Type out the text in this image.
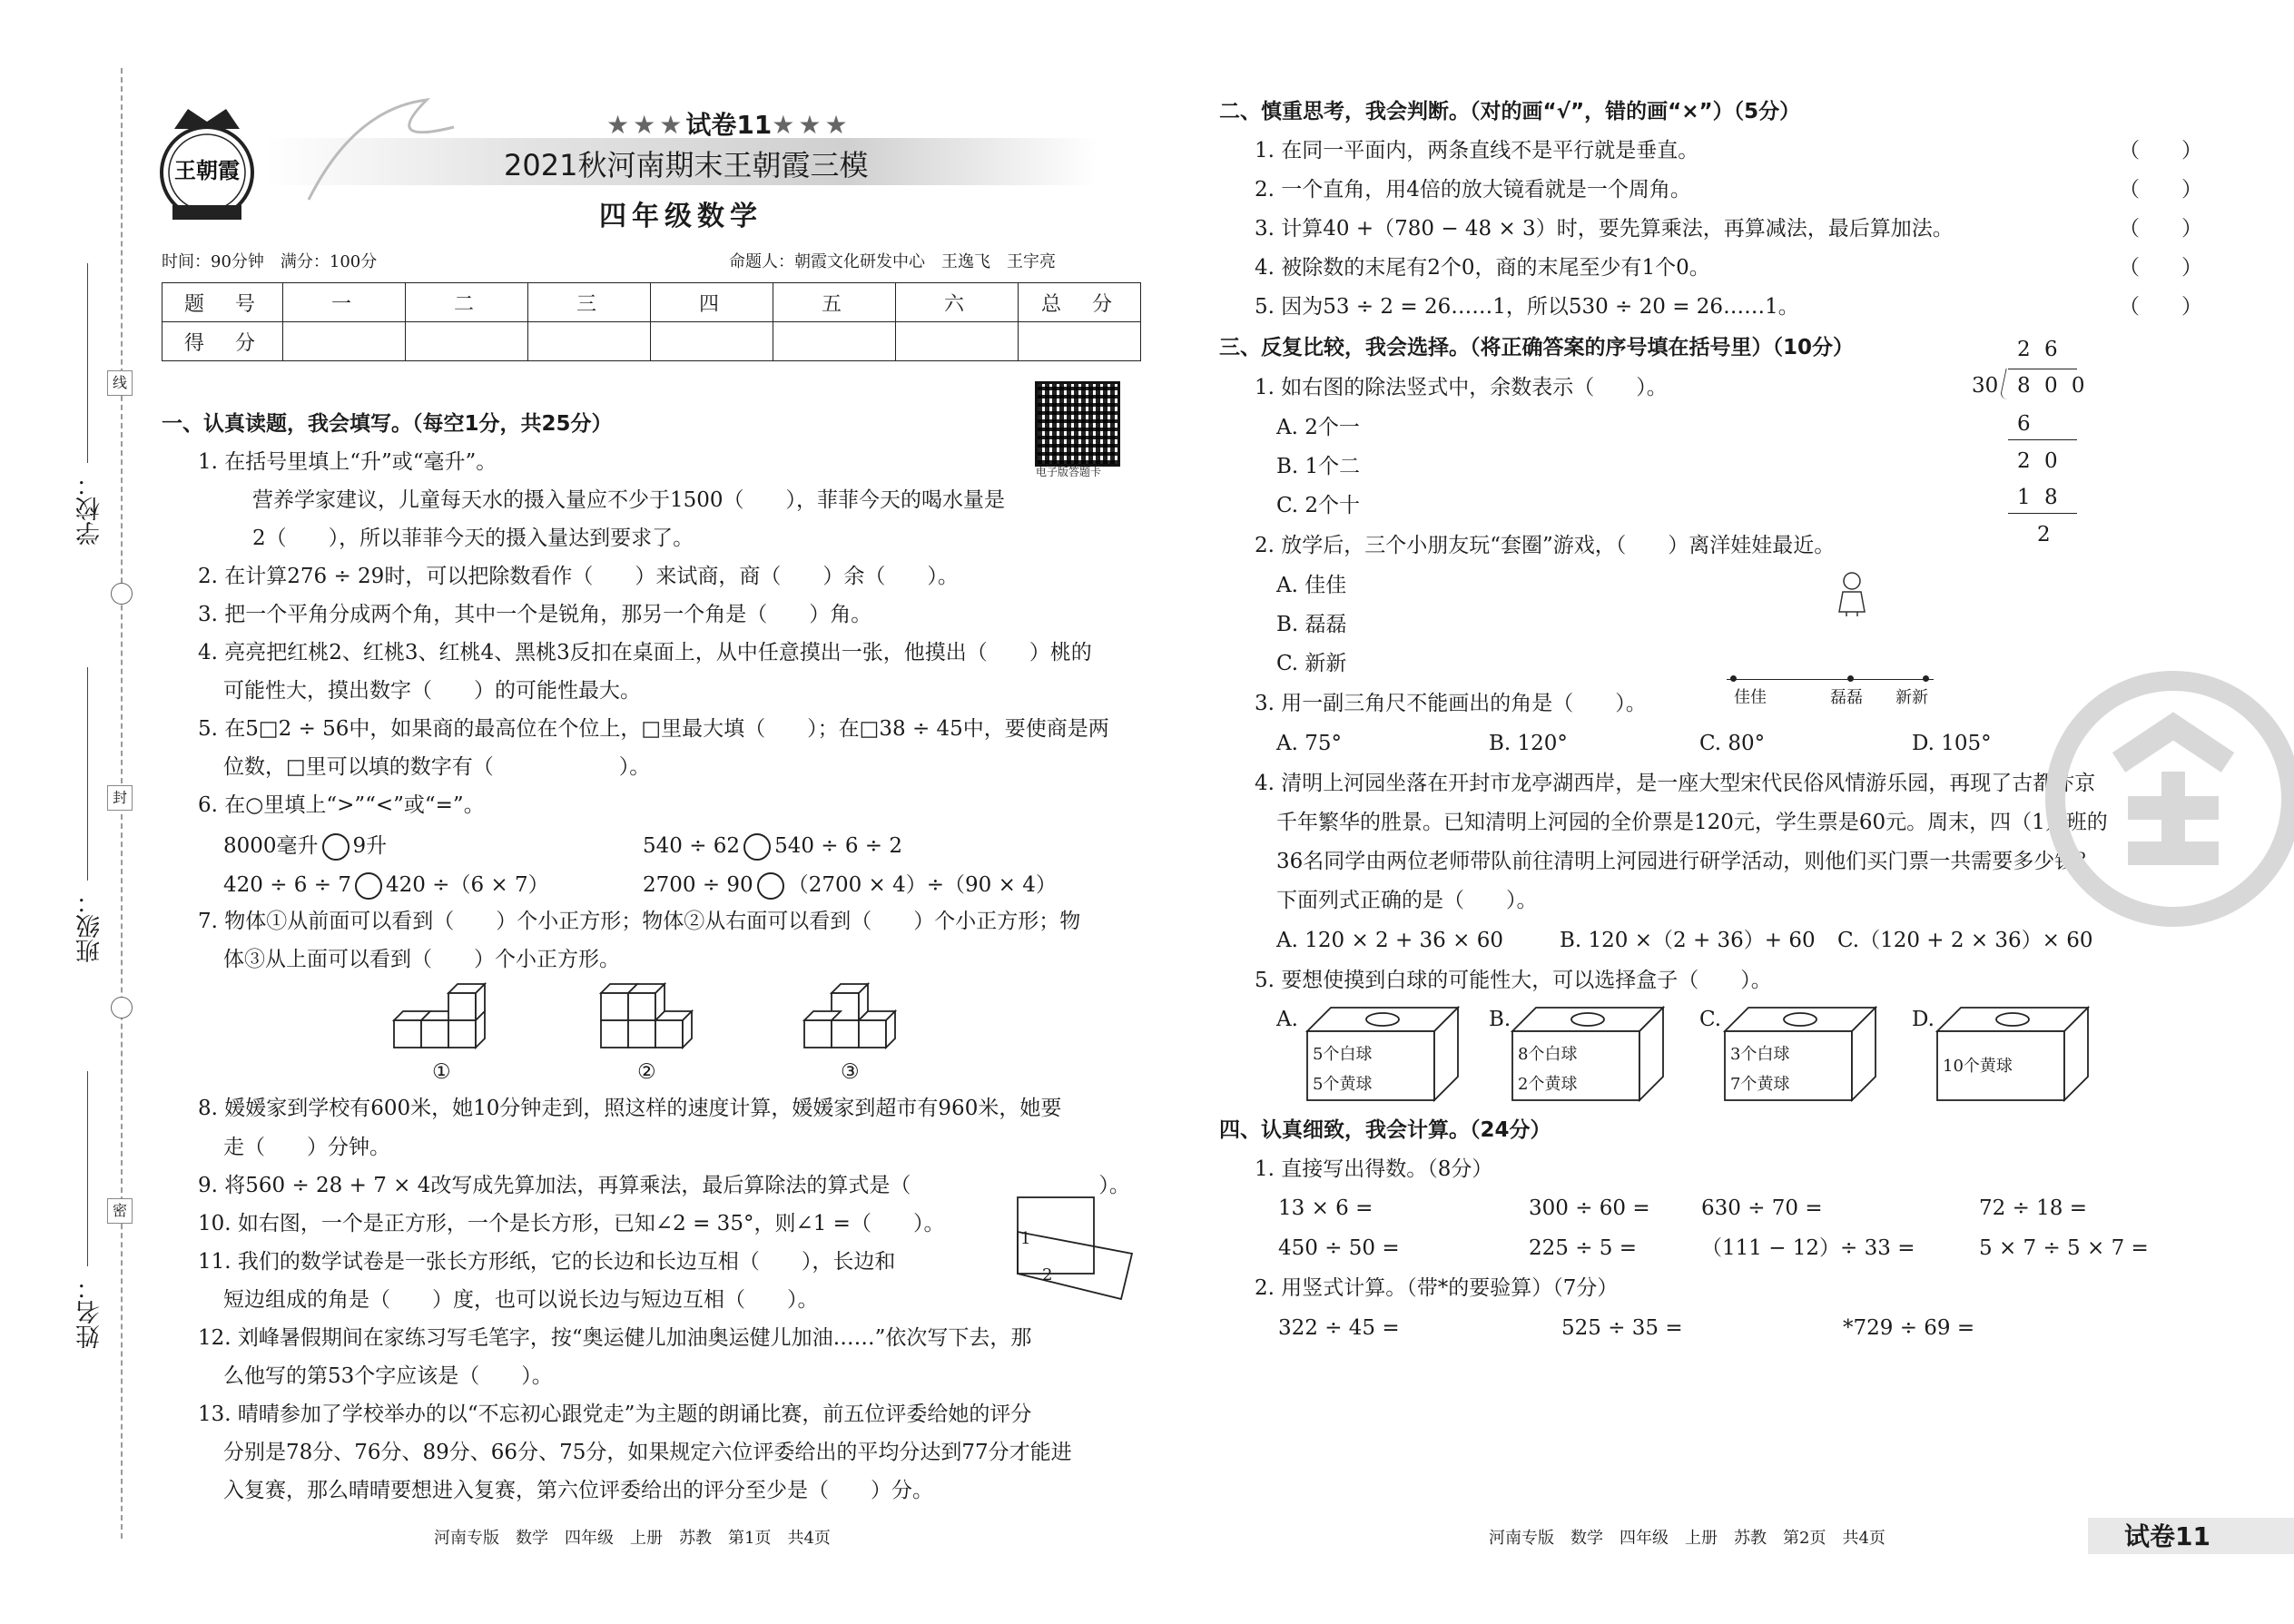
线
封
密
学校：
班级：
姓名：
王朝霞
★★★试卷11★★★
2021秋河南期末王朝霞三模
四年级数学
时间：90分钟　满分：100分	命题人：朝霞文化研发中心　王逸飞　王宇亮
题　号	一	二	三	四	五	六	总　分
得　分							
电子版答题卡
一、认真读题，我会填写。（每空1分，共25分）
1. 在括号里填上“升”或“毫升”。
营养学家建议，儿童每天水的摄入量应不少于1500（　　），菲菲今天的喝水量是
2（　　），所以菲菲今天的摄入量达到要求了。
2. 在计算276 ÷ 29时，可以把除数看作（　　）来试商，商（　　）余（　　）。
3. 把一个平角分成两个角，其中一个是锐角，那另一个角是（　　）角。
4. 亮亮把红桃2、红桃3、红桃4、黑桃3反扣在桌面上，从中任意摸出一张，他摸出（　　）桃的
可能性大，摸出数字（　　）的可能性最大。
5. 在5□2 ÷ 56中，如果商的最高位在个位上，□里最大填（　　）；在□38 ÷ 45中，要使商是两
位数，□里可以填的数字有（　　　　　　）。
6. 在○里填上“>”“<”或“=”。
8000毫升 9升	540 ÷ 62 540 ÷ 6 ÷ 2
420 ÷ 6 ÷ 7 420 ÷（6 × 7）	2700 ÷ 90 （2700 × 4）÷（90 × 4）
7. 物体①从前面可以看到（　　）个小正方形；物体②从右面可以看到（　　）个小正方形；物
体③从上面可以看到（　　）个小正方形。
①	②	③
8. 媛媛家到学校有600米，她10分钟走到，照这样的速度计算，媛媛家到超市有960米，她要
走（　　）分钟。
9. 将560 ÷ 28 + 7 × 4改写成先算加法，再算乘法，最后算除法的算式是（　　　　　　　　　）。
10. 如右图，一个是正方形，一个是长方形，已知∠2 = 35°，则∠1 =（　　）。
11. 我们的数学试卷是一张长方形纸，它的长边和长边互相（　　），长边和
短边组成的角是（　　）度，也可以说长边与短边互相（　　）。
12. 刘峰暑假期间在家练习写毛笔字，按“奥运健儿加油奥运健儿加油……”依次写下去，那
么他写的第53个字应该是（　　）。
13. 晴晴参加了学校举办的以“不忘初心跟党走”为主题的朗诵比赛，前五位评委给她的评分
分别是78分、76分、89分、66分、75分，如果规定六位评委给出的平均分达到77分才能进
入复赛，那么晴晴要想进入复赛，第六位评委给出的评分至少是（　　）分。
1
2
二、慎重思考，我会判断。（对的画“√”，错的画“×”）（5分）
1. 在同一平面内，两条直线不是平行就是垂直。
2. 一个直角，用4倍的放大镜看就是一个周角。
3. 计算40 +（780 − 48 × 3）时，要先算乘法，再算减法，最后算加法。
4. 被除数的末尾有2个0，商的末尾至少有1个0。
5. 因为53 ÷ 2 = 26……1，所以530 ÷ 20 = 26……1。
（　　）
（　　）
（　　）
（　　）
（　　）
三、反复比较，我会选择。（将正确答案的序号填在括号里）（10分）
1. 如右图的除法竖式中，余数表示（　　）。
A. 2个一
B. 1个二
C. 2个十
2 6
30 8 0 0
6
2 0
1 8
2
2. 放学后，三个小朋友玩“套圈”游戏，（　　）离洋娃娃最近。
A. 佳佳
B. 磊磊
C. 新新
佳佳	磊磊 新新
3. 用一副三角尺不能画出的角是（　　）。
A. 75°	B. 120°	C. 80°	D. 105°
4. 清明上河园坐落在开封市龙亭湖西岸，是一座大型宋代民俗风情游乐园，再现了古都汴京
千年繁华的胜景。已知清明上河园的全价票是120元，学生票是60元。周末，四（1）班的
36名同学由两位老师带队前往清明上河园进行研学活动，则他们买门票一共需要多少钱？
下面列式正确的是（　　）。
A. 120 × 2 + 36 × 60	B. 120 ×（2 + 36）+ 60 C.（120 + 2 × 36）× 60
5. 要想使摸到白球的可能性大，可以选择盒子（　　）。
A.
5个白球
5个黄球
B.
8个白球
2个黄球
C.
3个白球
7个黄球
D.
10个黄球
四、认真细致，我会计算。（24分）
1. 直接写出得数。（8分）
13 × 6 =	300 ÷ 60 = 630 ÷ 70 =	72 ÷ 18 =
450 ÷ 50 =	225 ÷ 5 =	（111 − 12）÷ 33 =	5 × 7 ÷ 5 × 7 =
2. 用竖式计算。（带*的要验算）（7分）
322 ÷ 45 =	525 ÷ 35 =	*729 ÷ 69 =
河南专版　数学　四年级　上册　苏教　第1页　共4页	河南专版　数学　四年级　上册　苏教　第2页　共4页	试卷11
